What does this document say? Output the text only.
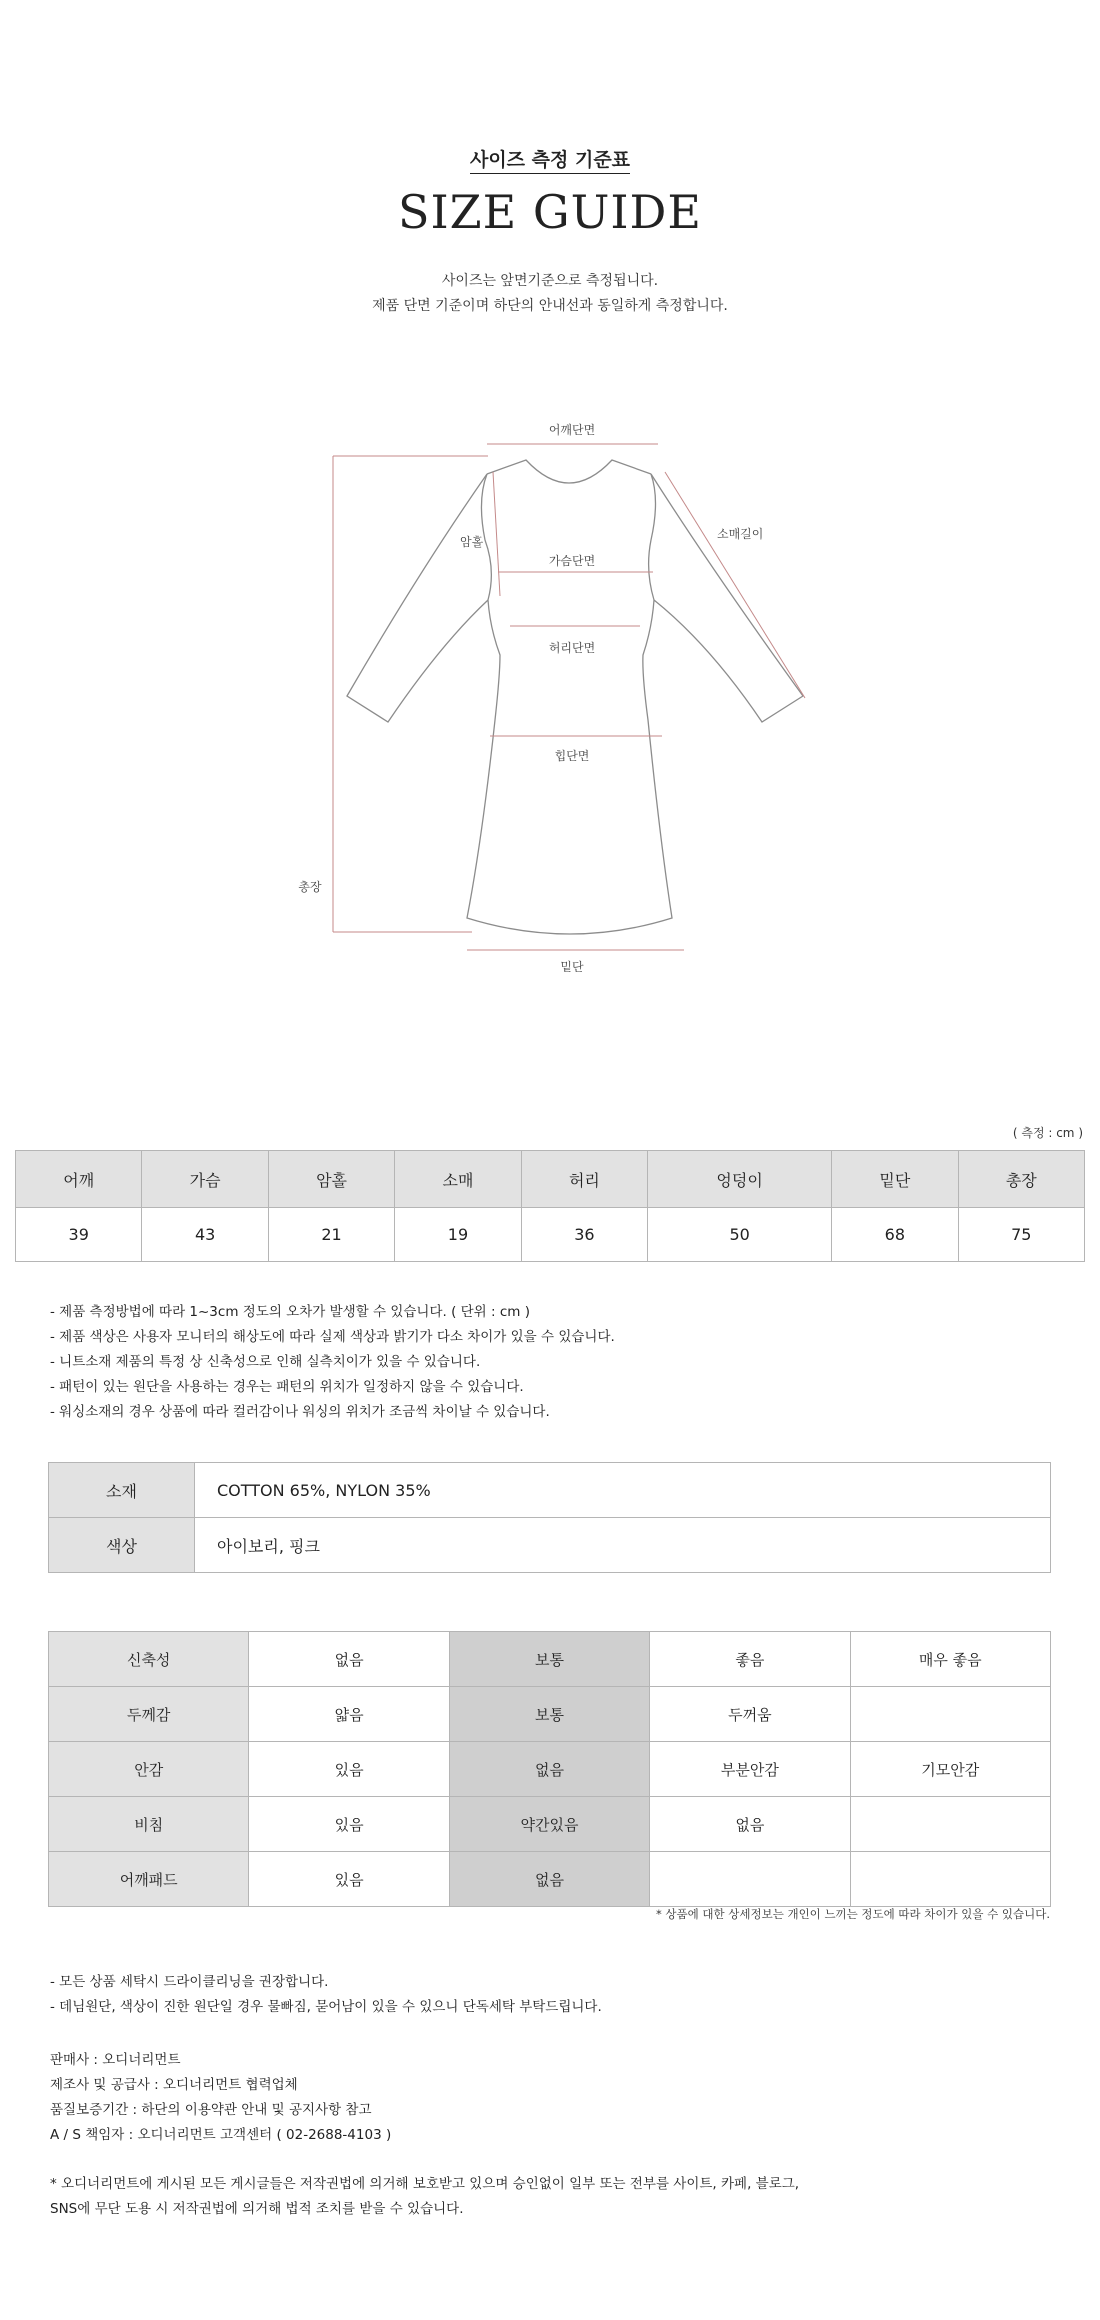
사이즈 측정 기준표
SIZE GUIDE
사이즈는 앞면기준으로 측정됩니다.
제품 단면 기준이며 하단의 안내선과 동일하게 측정합니다.
어깨단면
소매길이
암홀
가슴단면
허리단면
힙단면
총장
밑단
( 측정 : cm )
어깨	가슴	암홀	소매	허리	엉덩이	밑단	총장
39	43	21	19	36	50	68	75
- 제품 측정방법에 따라 1~3cm 정도의 오차가 발생할 수 있습니다. ( 단위 : cm )
- 제품 색상은 사용자 모니터의 해상도에 따라 실제 색상과 밝기가 다소 차이가 있을 수 있습니다.
- 니트소재 제품의 특정 상 신축성으로 인해 실측치이가 있을 수 있습니다.
- 패턴이 있는 원단을 사용하는 경우는 패턴의 위치가 일정하지 않을 수 있습니다.
- 워싱소재의 경우 상품에 따라 컬러감이나 워싱의 위치가 조금씩 차이날 수 있습니다.
소재	COTTON 65%, NYLON 35%
색상	아이보리, 핑크
신축성	없음	보통	좋음	매우 좋음
두께감	얇음	보통	두꺼움	
안감	있음	없음	부분안감	기모안감
비침	있음	약간있음	없음	
어깨패드	있음	없음		
* 상품에 대한 상세정보는 개인이 느끼는 정도에 따라 차이가 있을 수 있습니다.
- 모든 상품 세탁시 드라이클리닝을 권장합니다.
- 데님원단, 색상이 진한 원단일 경우 물빠짐, 묻어남이 있을 수 있으니 단독세탁 부탁드립니다.
판매사 : 오디너리먼트
제조사 및 공급사 : 오디너리먼트 협력업체
품질보증기간 : 하단의 이용약관 안내 및 공지사항 참고
A / S 책임자 : 오디너리먼트 고객센터 ( 02-2688-4103 )
* 오디너리먼트에 게시된 모든 게시글들은 저작권법에 의거해 보호받고 있으며 승인없이 일부 또는 전부를 사이트, 카페, 블로그,
SNS에 무단 도용 시 저작권법에 의거해 법적 조치를 받을 수 있습니다.
